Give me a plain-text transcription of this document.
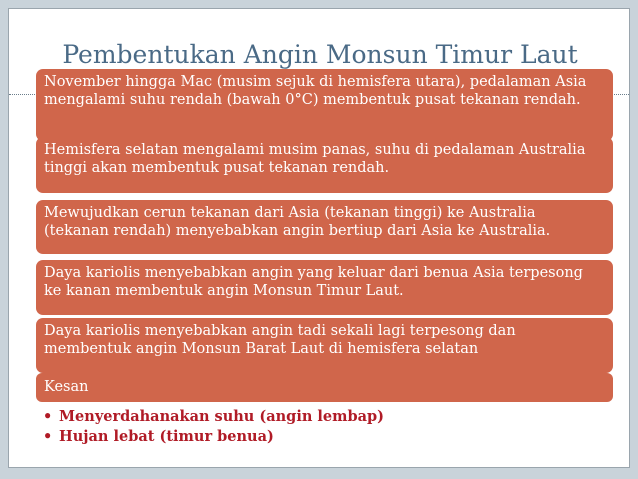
Pembentukan Angin Monsun Timur Laut
November hingga Mac (musim sejuk di hemisfera utara), pedalaman Asia mengalami suhu rendah (bawah 0°C) membentuk pusat tekanan rendah.
Hemisfera selatan mengalami musim panas, suhu di pedalaman Australia tinggi akan membentuk pusat tekanan rendah.
Mewujudkan cerun tekanan dari Asia (tekanan tinggi) ke Australia (tekanan rendah) menyebabkan angin bertiup dari Asia ke Australia.
Daya kariolis menyebabkan angin yang keluar dari benua Asia terpesong ke kanan membentuk angin Monsun Timur Laut.
Daya kariolis menyebabkan angin tadi sekali lagi terpesong dan membentuk angin Monsun Barat Laut di hemisfera selatan
Kesan
• Menyerdahanakan suhu (angin lembap)
• Hujan lebat (timur benua)
